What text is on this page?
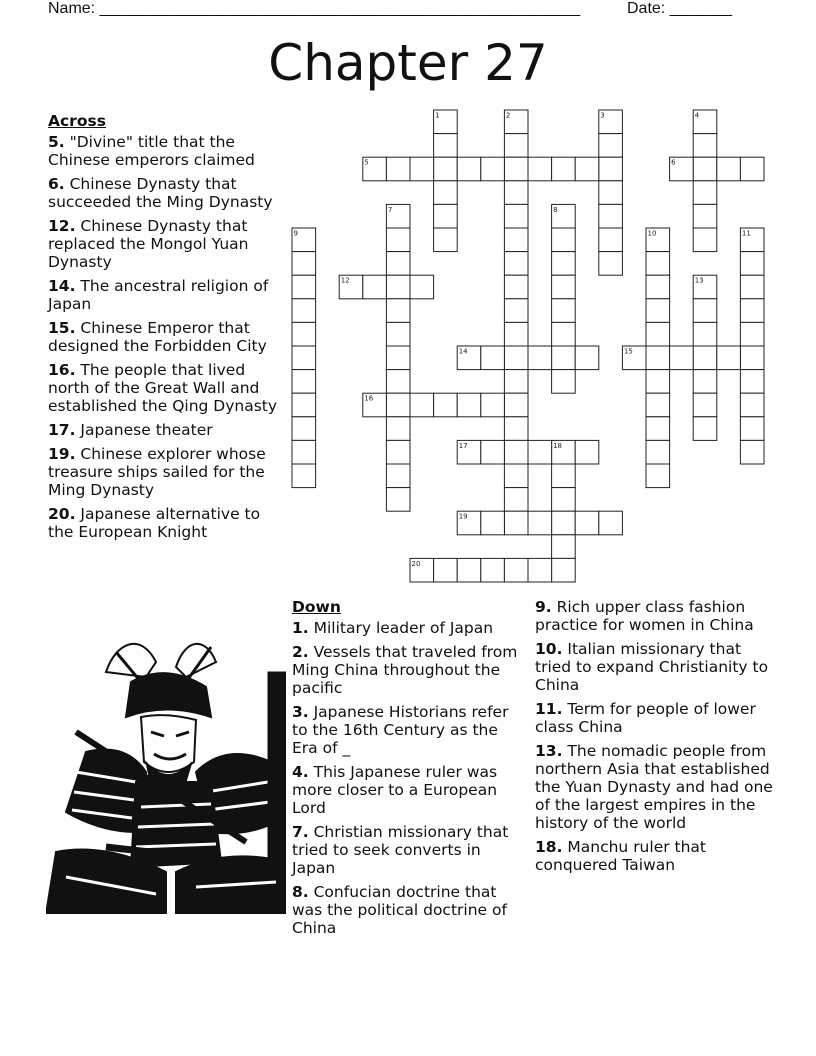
Name: ______________________________________________________	Date: _______
Chapter 27
1	2	3	4
5	6
7	8
9	10	11
12	13
14	15
16
17	18
19
20
Across
5. "Divine" title that the Chinese emperors claimed
6. Chinese Dynasty that succeeded the Ming Dynasty
12. Chinese Dynasty that replaced the Mongol Yuan Dynasty
14. The ancestral religion of Japan
15. Chinese Emperor that designed the Forbidden City
16. The people that lived north of the Great Wall and established the Qing Dynasty
17. Japanese theater
19. Chinese explorer whose treasure ships sailed for the Ming Dynasty
20. Japanese alternative to the European Knight
Down
1. Military leader of Japan
2. Vessels that traveled from Ming China throughout the pacific
3. Japanese Historians refer to the 16th Century as the Era of _
4. This Japanese ruler was more closer to a European Lord
7. Christian missionary that tried to seek converts in Japan
8. Confucian doctrine that was the political doctrine of China
9. Rich upper class fashion practice for women in China
10. Italian missionary that tried to expand Christianity to China
11. Term for people of lower class China
13. The nomadic people from northern Asia that established the Yuan Dynasty and had one of the largest empires in the history of the world
18. Manchu ruler that conquered Taiwan
